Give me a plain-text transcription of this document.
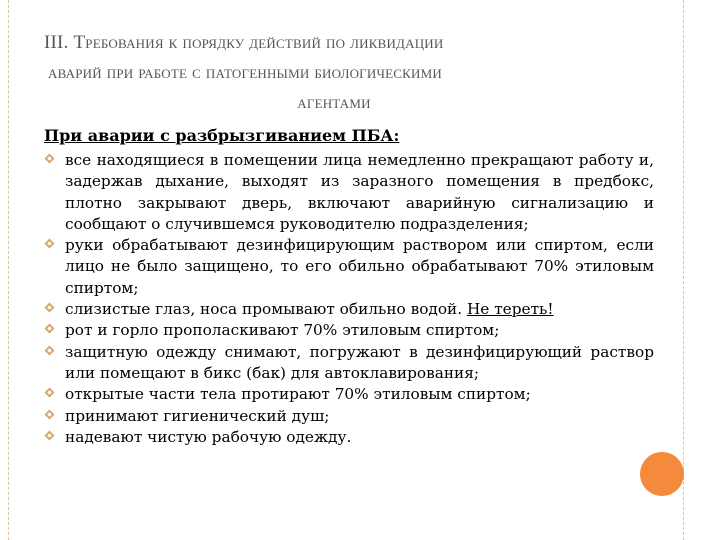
III. Требования к порядку действий по ликвидации
аварий при работе с патогенными биологическими
агентами
При аварии с разбрызгиванием ПБА:
все находящиеся в помещении лица немедленно прекращают работу и, задержав дыхание, выходят из заразного помещения в предбокс, плотно закрывают дверь, включают аварийную сигнализацию и сообщают о случившемся руководителю подразделения;
руки обрабатывают дезинфицирующим раствором или спиртом, если лицо не было защищено, то его обильно обрабатывают 70% этиловым спиртом;
слизистые глаз, носа промывают обильно водой. Не тереть!
рот и горло прополаскивают 70% этиловым спиртом;
защитную одежду снимают, погружают в дезинфицирующий раствор или помещают в бикс (бак) для автоклавирования;
открытые части тела протирают 70% этиловым спиртом;
принимают гигиенический душ;
надевают чистую рабочую одежду.
